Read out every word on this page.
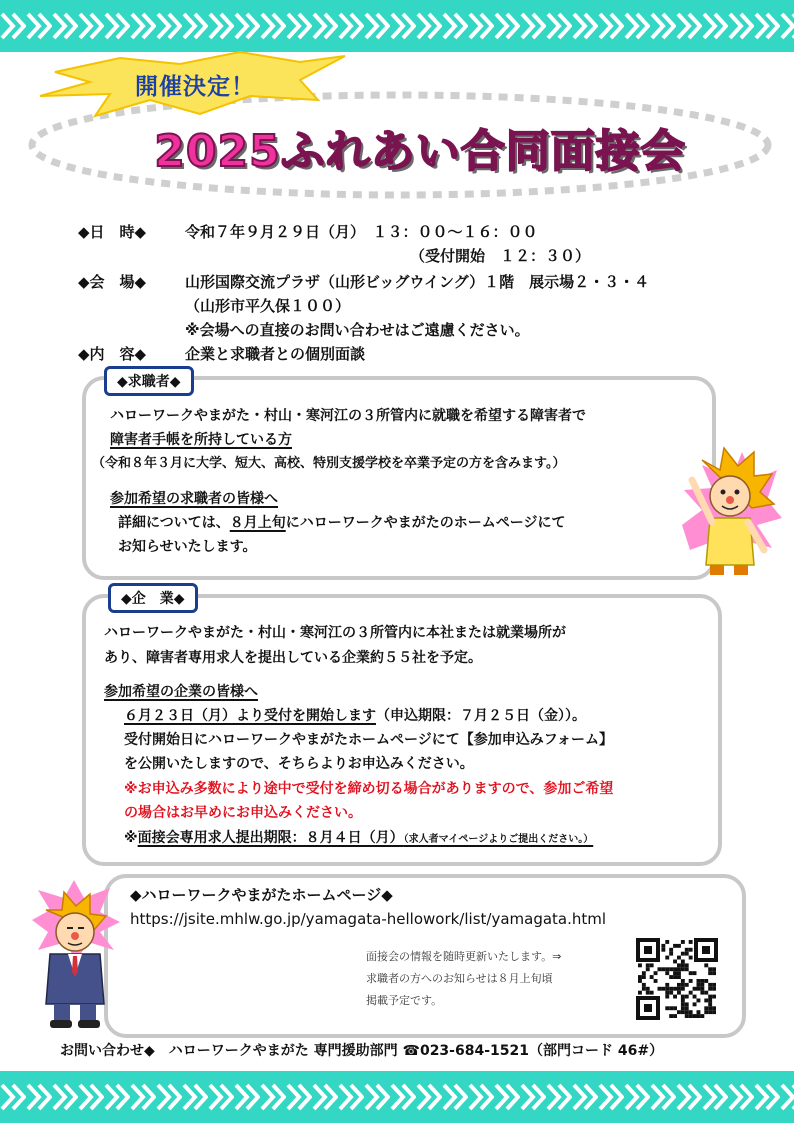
開催決定！
2025ふれあい合同面接会
◆日　時◆	令和７年９月２９日（月）　１３：００～１６：００
（受付開始　１２：３０）
◆会　場◆	山形国際交流プラザ（山形ビッグウイング）１階　展示場２・３・４
（山形市平久保１００）
※会場への直接のお問い合わせはご遠慮ください。
◆内　容◆	企業と求職者との個別面談
◆求職者◆
ハローワークやまがた・村山・寒河江の３所管内に就職を希望する障害者で
障害者手帳を所持している方
（令和８年３月に大学、短大、高校、特別支援学校を卒業予定の方を含みます。）
参加希望の求職者の皆様へ
詳細については、８月上旬にハローワークやまがたのホームページにて
お知らせいたします。
◆企　業◆
ハローワークやまがた・村山・寒河江の３所管内に本社または就業場所が
あり、障害者専用求人を提出している企業約５５社を予定。
参加希望の企業の皆様へ
６月２３日（月）より受付を開始します（申込期限：７月２５日（金））。
受付開始日にハローワークやまがたホームページにて【参加申込みフォーム】
を公開いたしますので、そちらよりお申込みください。
※お申込み多数により途中で受付を締め切る場合がありますので、参加ご希望
の場合はお早めにお申込みください。
※面接会専用求人提出期限：８月４日（月）（求人者マイページよりご提出ください。）
◆ハローワークやまがたホームページ◆
https://jsite.mhlw.go.jp/yamagata-hellowork/list/yamagata.html
面接会の情報を随時更新いたします。⇒
求職者の方へのお知らせは８月上旬頃
掲載予定です。
お問い合わせ◆　ハローワークやまがた 専門援助部門 ☎023-684-1521（部門コード 46#）
